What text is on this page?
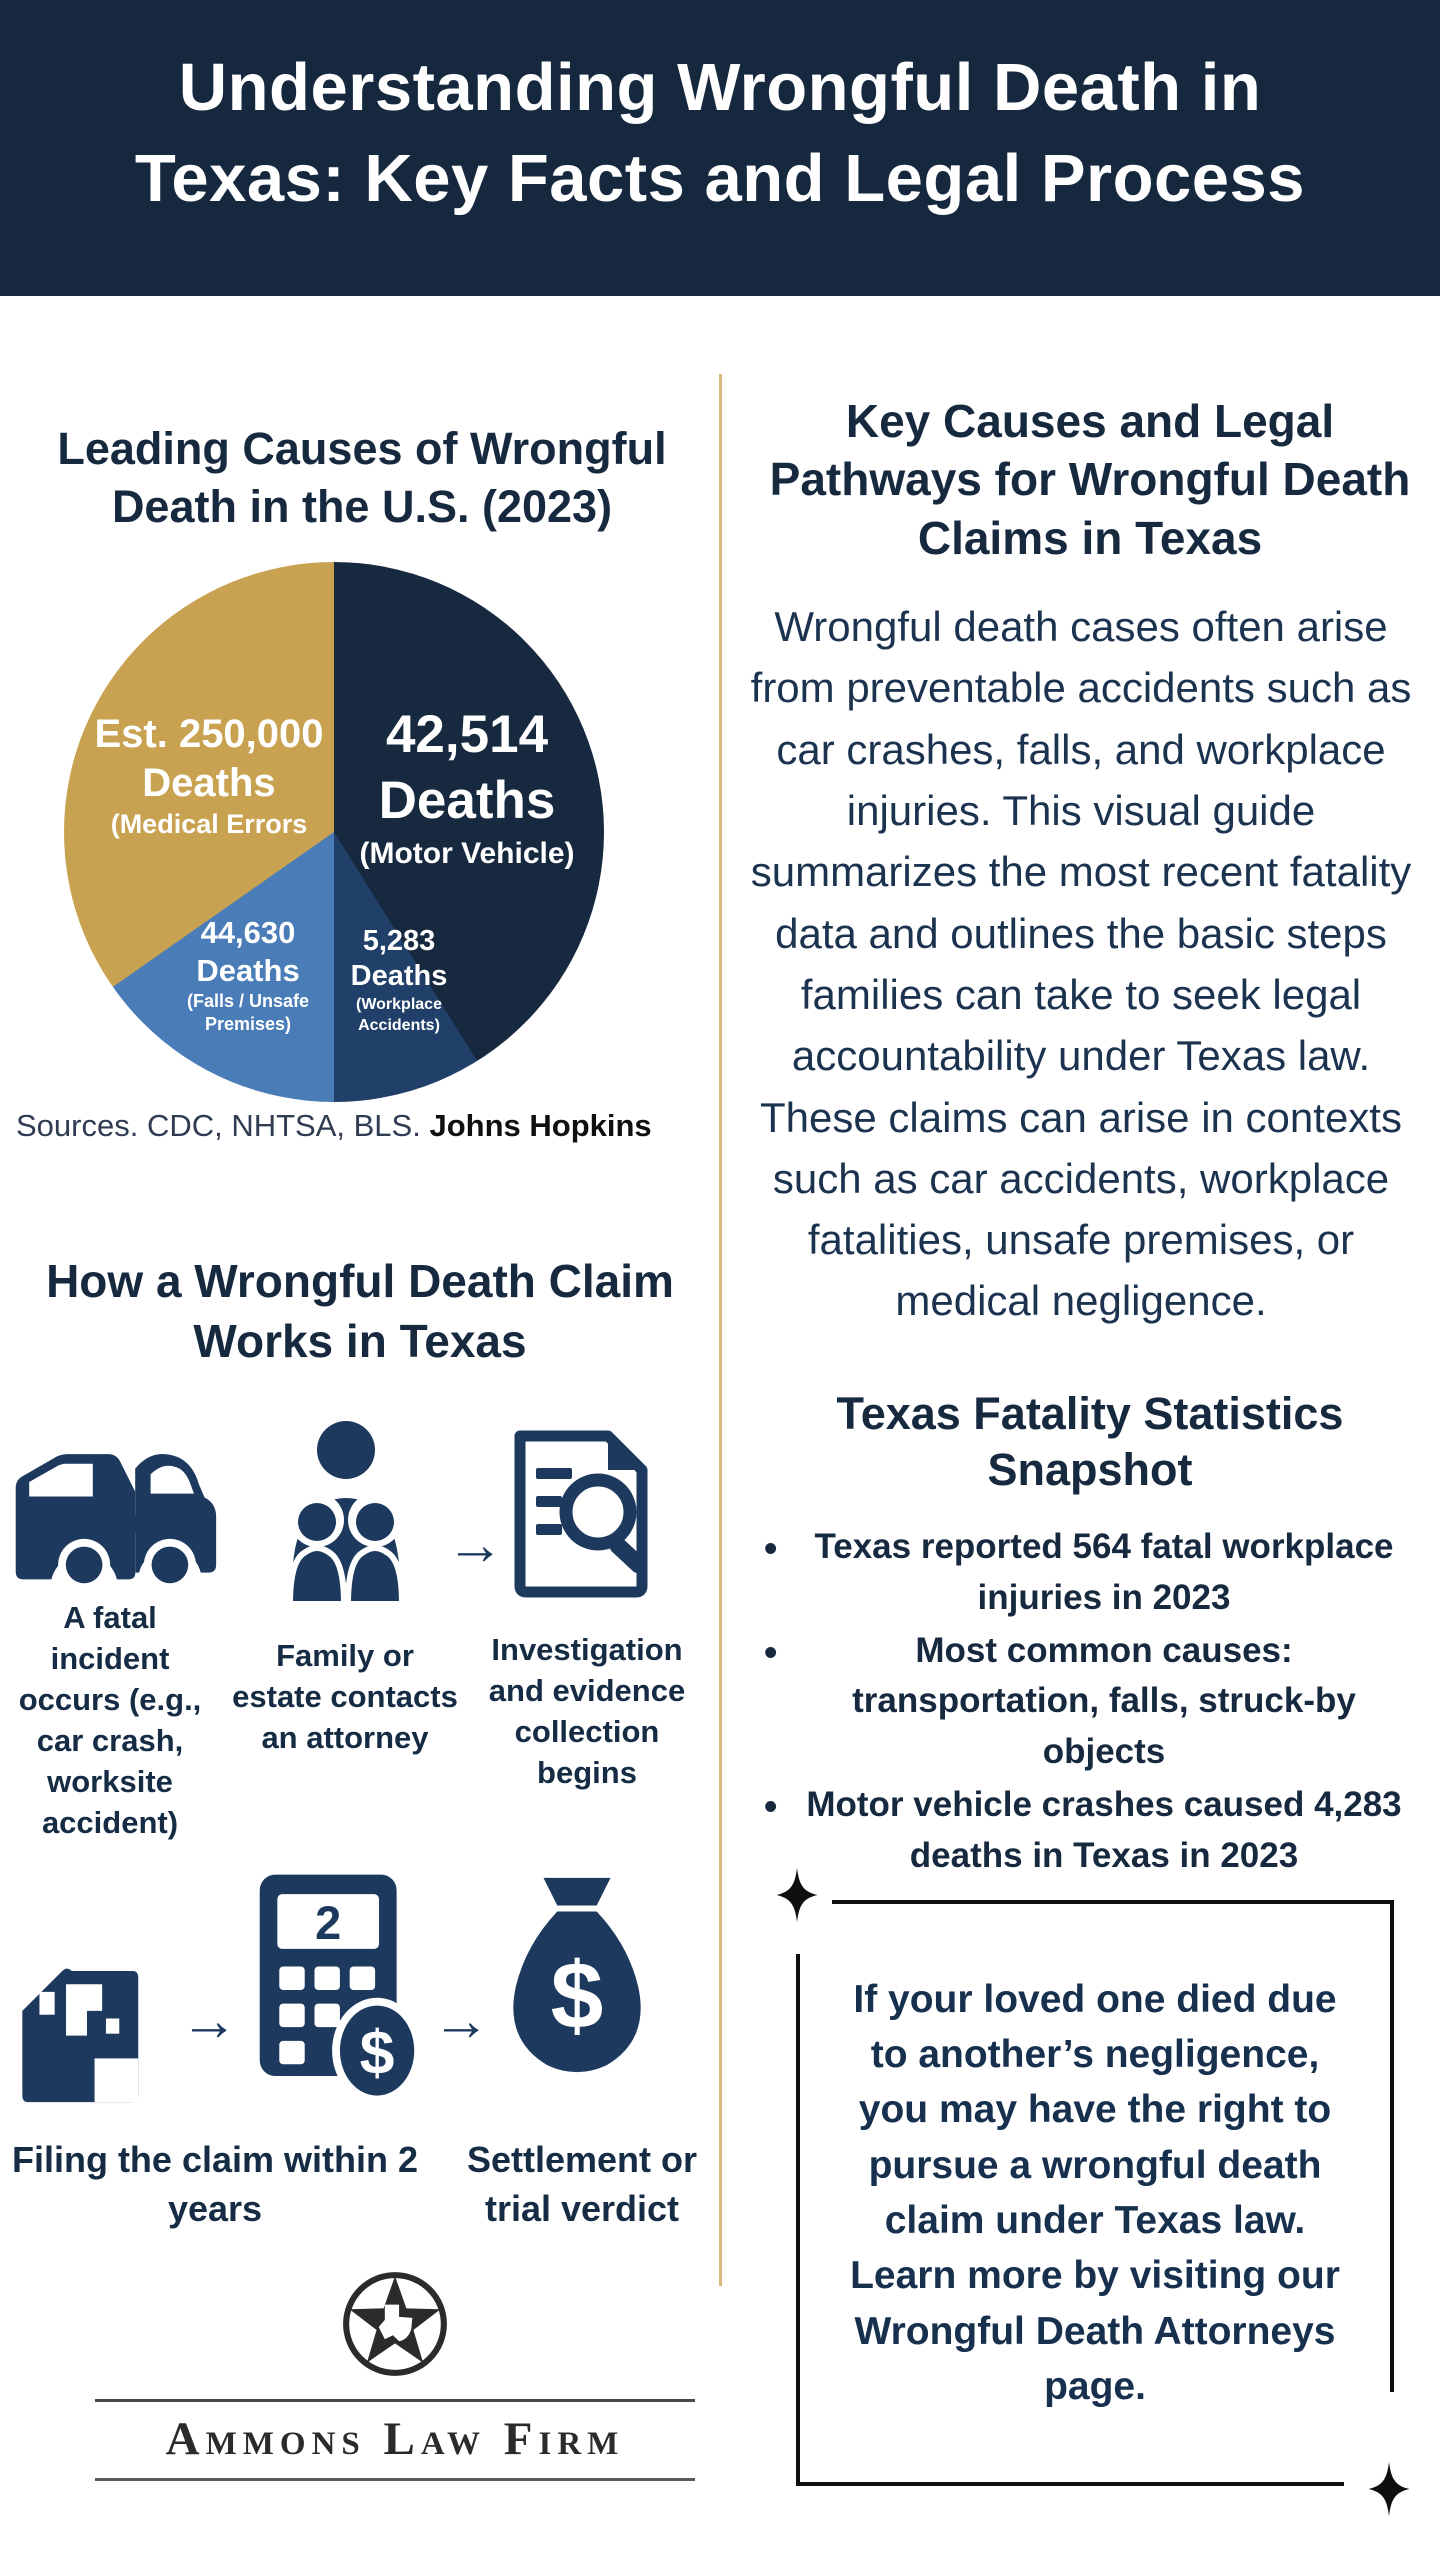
Understanding Wrongful Death in Texas: Key Facts and Legal Process
Leading Causes of Wrongful Death in the U.S. (2023)
Est. 250,000
Deaths
(Medical Errors
42,514
Deaths
(Motor Vehicle)
44,630
Deaths
(Falls / Unsafe Premises)
5,283
Deaths
(Workplace Accidents)

Sources. CDC, NHTSA, BLS. Johns Hopkins

How a Wrongful Death Claim Works in Texas
→

A fatal incident occurs (e.g., car crash, worksite accident)

Family or estate contacts an attorney

Investigation and evidence collection begins

→
2
$ → $

Filing the claim within 2 years

Settlement or trial verdict

Ammons Law Firm
Key Causes and Legal Pathways for Wrongful Death Claims in Texas

Wrongful death cases often arise from preventable accidents such as car crashes, falls, and workplace injuries. This visual guide summarizes the most recent fatality data and outlines the basic steps families can take to seek legal accountability under Texas law. These claims can arise in contexts such as car accidents, workplace fatalities, unsafe premises, or medical negligence.

Texas Fatality Statistics Snapshot
• Texas reported 564 fatal workplace injuries in 2023
• Most common causes: transportation, falls, struck-by objects
• Motor vehicle crashes caused 4,283 deaths in Texas in 2023

If your loved one died due to another’s negligence, you may have the right to pursue a wrongful death claim under Texas law. Learn more by visiting our Wrongful Death Attorneys page.
